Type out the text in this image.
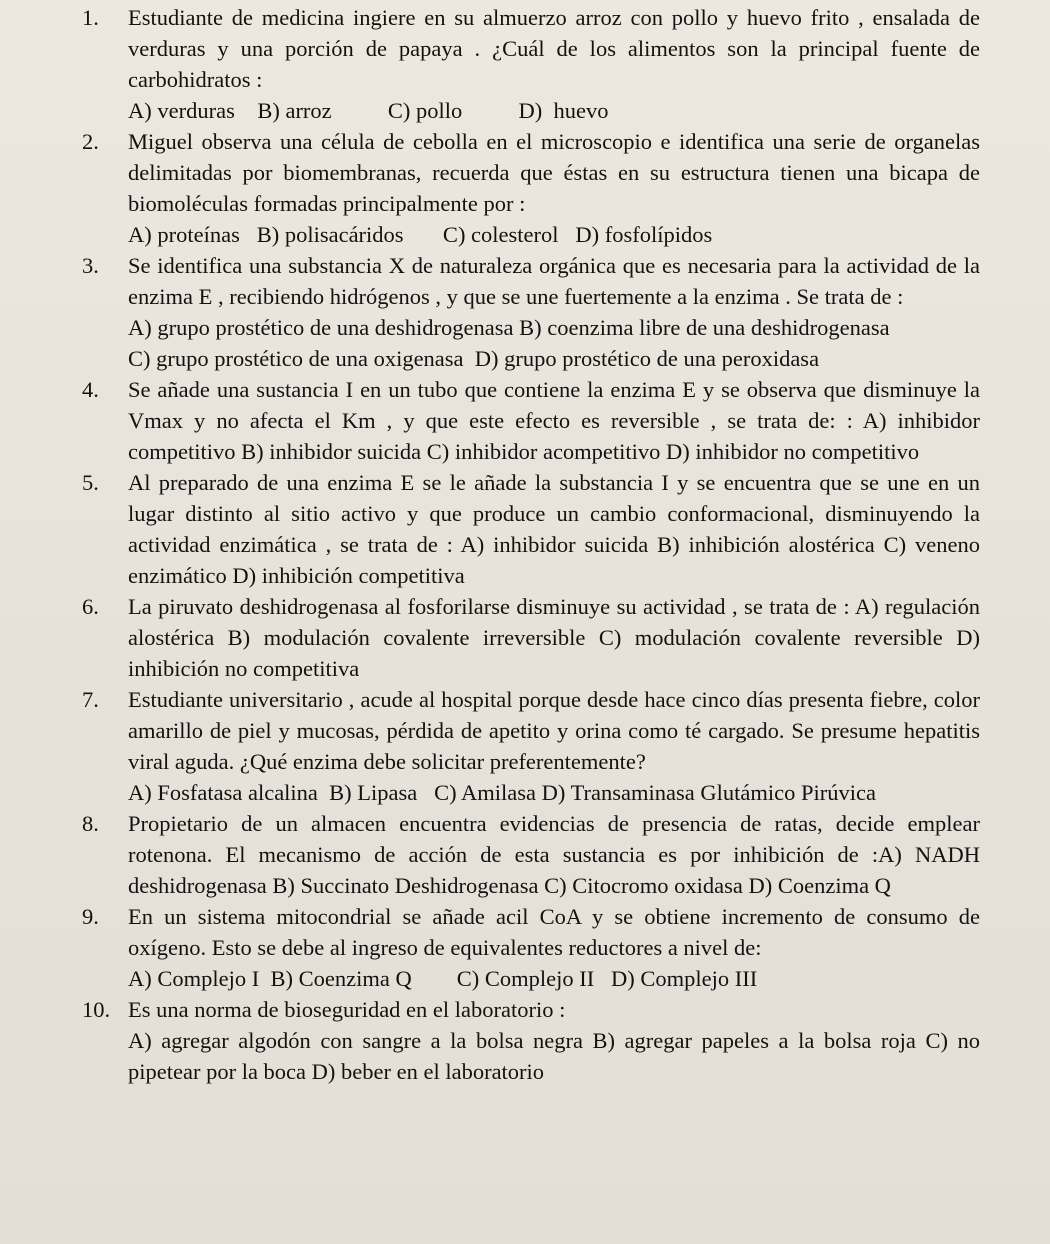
1. Estudiante de medicina ingiere en su almuerzo arroz con pollo y huevo frito , ensalada de verduras y una porción de papaya . ¿Cuál de los alimentos son la principal fuente de carbohidratos :
A) verduras    B) arroz          C) pollo          D)  huevo
2. Miguel observa una célula de cebolla en el microscopio e identifica una serie de organelas delimitadas por biomembranas, recuerda que éstas en su estructura tienen una bicapa de biomoléculas formadas principalmente por :
A) proteínas   B) polisacáridos       C) colesterol   D) fosfolípidos
3. Se identifica una substancia X de naturaleza orgánica que es necesaria para la actividad de la enzima E , recibiendo hidrógenos , y que se une fuertemente a la enzima . Se trata de :
A) grupo prostético de una deshidrogenasa B) coenzima libre de una deshidrogenasa
C) grupo prostético de una oxigenasa  D) grupo prostético de una peroxidasa
4. Se añade una sustancia I en un tubo que contiene la enzima E y se observa que disminuye la Vmax y no afecta el Km , y que este efecto es reversible , se trata de: : A) inhibidor competitivo B) inhibidor suicida C) inhibidor acompetitivo D) inhibidor no competitivo
5. Al preparado de una enzima E se le añade la substancia I y se encuentra que se une en un lugar distinto al sitio activo y que produce un cambio conformacional, disminuyendo la actividad enzimática , se trata de : A) inhibidor suicida B) inhibición alostérica C) veneno enzimático D) inhibición competitiva
6. La piruvato deshidrogenasa al fosforilarse disminuye su actividad , se trata de : A) regulación alostérica B) modulación covalente irreversible C) modulación covalente reversible D) inhibición no competitiva
7. Estudiante universitario , acude al hospital porque desde hace cinco días presenta fiebre, color amarillo de piel y mucosas, pérdida de apetito y orina como té cargado. Se presume hepatitis viral aguda. ¿Qué enzima debe solicitar preferentemente?
A) Fosfatasa alcalina  B) Lipasa   C) Amilasa D) Transaminasa Glutámico Pirúvica
8. Propietario de un almacen encuentra evidencias de presencia de ratas, decide emplear rotenona. El mecanismo de acción de esta sustancia es por inhibición de :A) NADH deshidrogenasa B) Succinato Deshidrogenasa C) Citocromo oxidasa D) Coenzima Q
9. En un sistema mitocondrial se añade acil CoA y se obtiene incremento de consumo de oxígeno. Esto se debe al ingreso de equivalentes reductores a nivel de:
A) Complejo I  B) Coenzima Q        C) Complejo II   D) Complejo III
10. Es una norma de bioseguridad en el laboratorio :
A) agregar algodón con sangre a la bolsa negra B) agregar papeles a la bolsa roja C) no pipetear por la boca D) beber en el laboratorio
